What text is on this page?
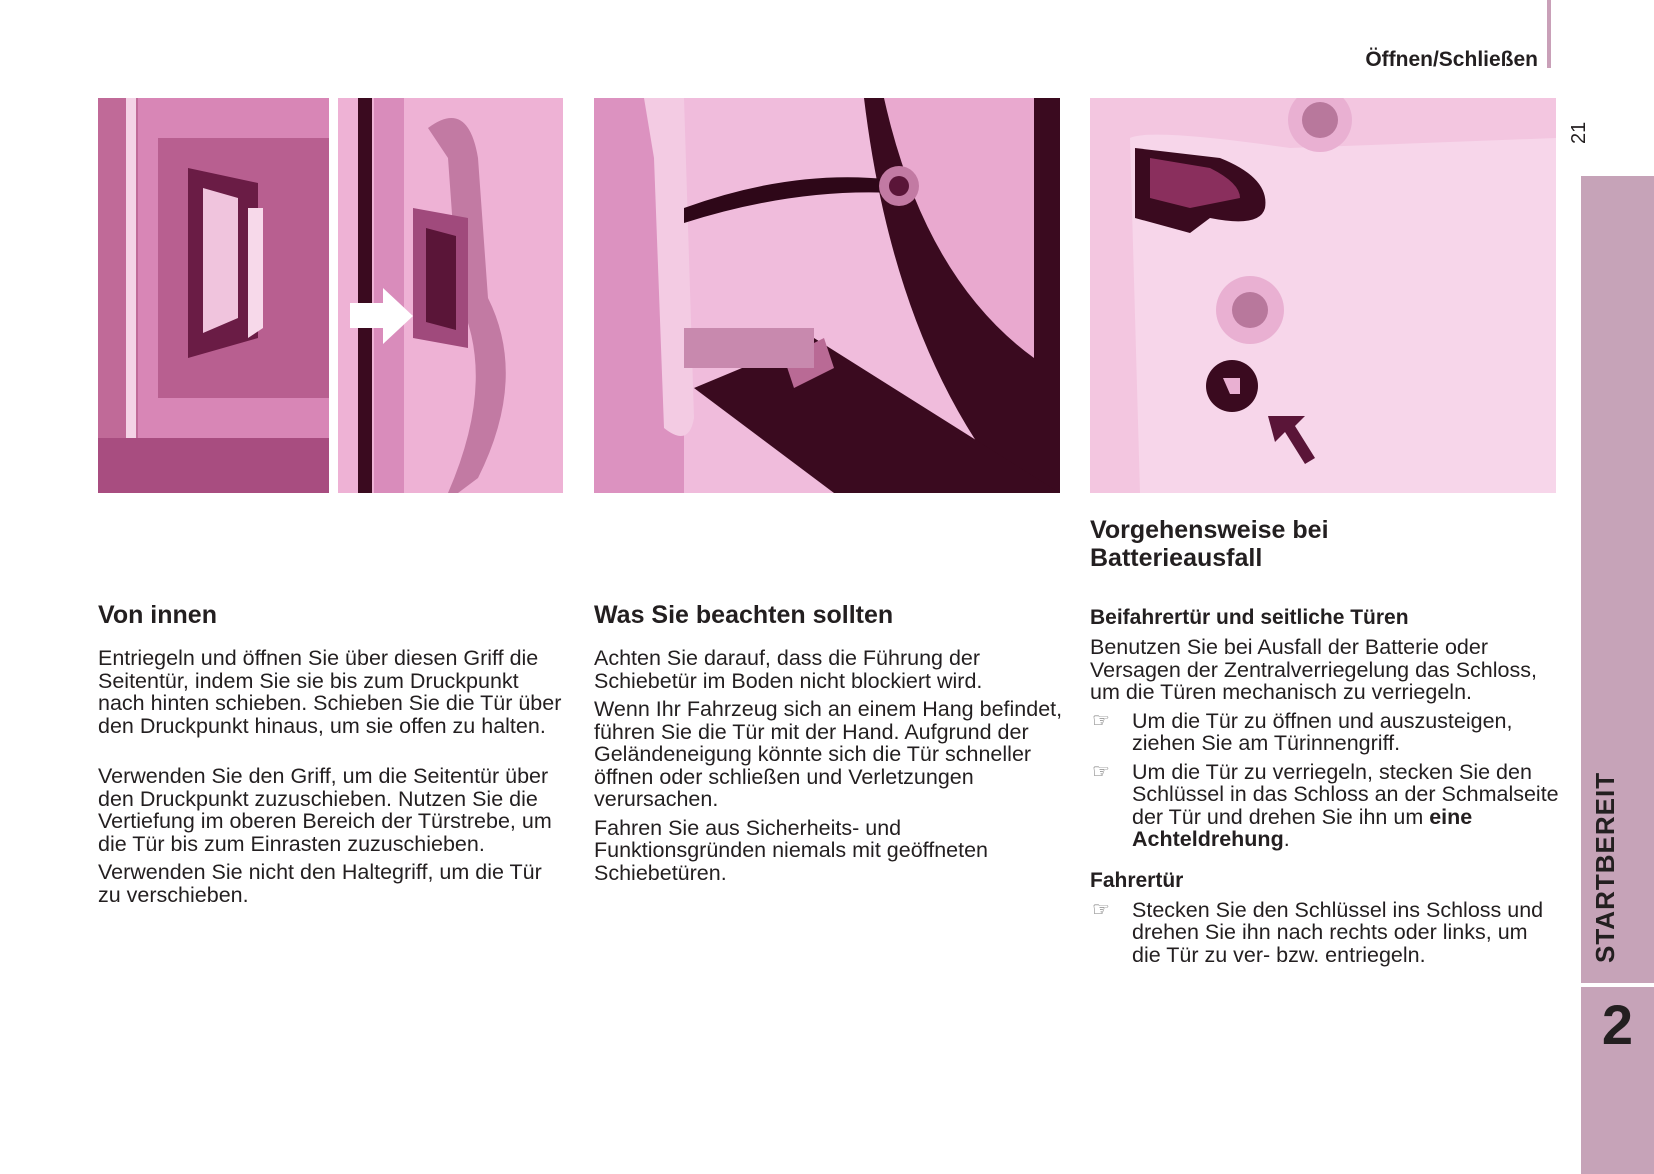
Öffnen/Schließen
21
STARTBEREIT
2
Von innen

Entriegeln und öffnen Sie über diesen Griff die Seitentür, indem Sie sie bis zum Druckpunkt nach hinten schieben. Schieben Sie die Tür über den Druckpunkt hinaus, um sie offen zu halten.

Verwenden Sie den Griff, um die Seitentür über den Druckpunkt zuzuschieben. Nutzen Sie die Vertiefung im oberen Bereich der Türstrebe, um die Tür bis zum Einrasten zuzuschieben.

Verwenden Sie nicht den Haltegriff, um die Tür zu verschieben.

Was Sie beachten sollten

Achten Sie darauf, dass die Führung der Schiebetür im Boden nicht blockiert wird.

Wenn Ihr Fahrzeug sich an einem Hang befindet, führen Sie die Tür mit der Hand. Aufgrund der Geländeneigung könnte sich die Tür schneller öffnen oder schließen und Verletzungen verursachen.

Fahren Sie aus Sicherheits- und Funktionsgründen niemals mit geöffneten Schiebetüren.

Vorgehensweise bei Batterieausfall
Beifahrertür und seitliche Türen

Benutzen Sie bei Ausfall der Batterie oder Versagen der Zentralverriegelung das Schloss, um die Türen mechanisch zu verriegeln.

☞ Um die Tür zu öffnen und auszusteigen, ziehen Sie am Türinnengriff.
☞ Um die Tür zu verriegeln, stecken Sie den Schlüssel in das Schloss an der Schmalseite der Tür und drehen Sie ihn um eine Achteldrehung.
Fahrertür
☞ Stecken Sie den Schlüssel ins Schloss und drehen Sie ihn nach rechts oder links, um die Tür zu ver- bzw. entriegeln.
